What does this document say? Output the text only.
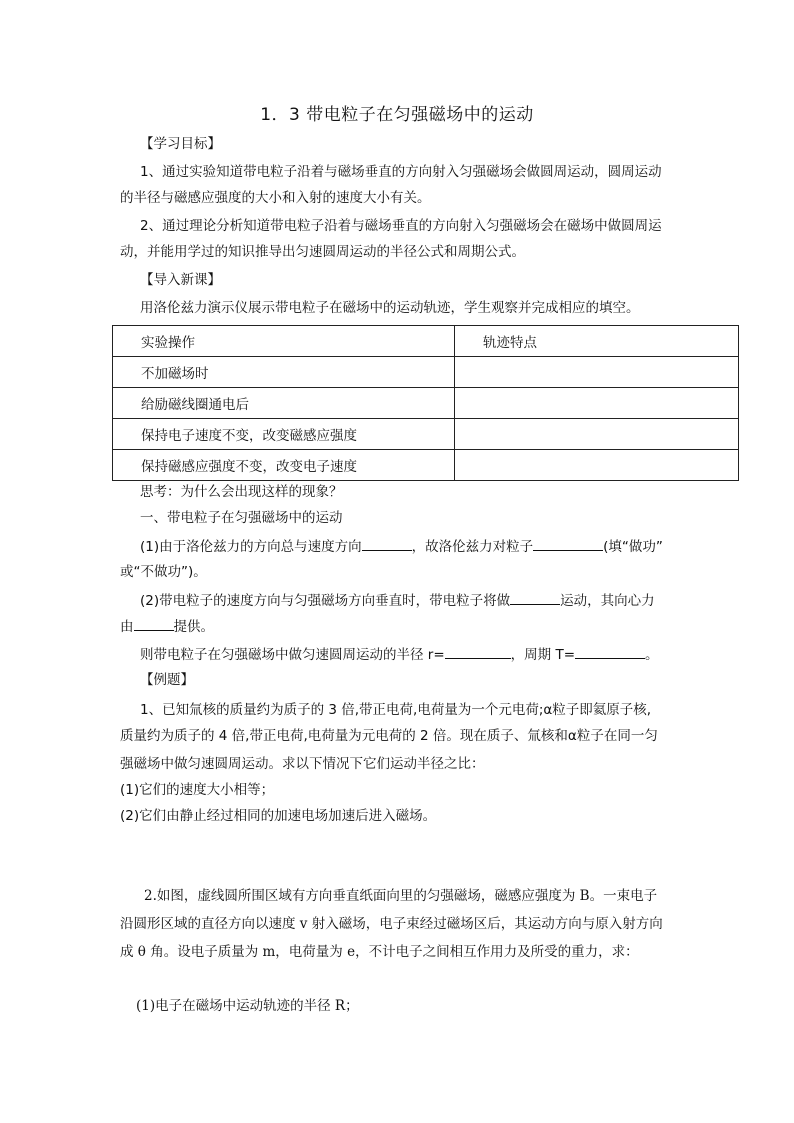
1．3 带电粒子在匀强磁场中的运动
【学习目标】
1、通过实验知道带电粒子沿着与磁场垂直的方向射入匀强磁场会做圆周运动，圆周运动
的半径与磁感应强度的大小和入射的速度大小有关。
2、通过理论分析知道带电粒子沿着与磁场垂直的方向射入匀强磁场会在磁场中做圆周运
动，并能用学过的知识推导出匀速圆周运动的半径公式和周期公式。
【导入新课】
用洛伦兹力演示仪展示带电粒子在磁场中的运动轨迹，学生观察并完成相应的填空。
实验操作	轨迹特点
不加磁场时	
给励磁线圈通电后	
保持电子速度不变，改变磁感应强度	
保持磁感应强度不变，改变电子速度	
思考：为什么会出现这样的现象？
一、带电粒子在匀强磁场中的运动
(1)由于洛伦兹力的方向总与速度方向	，故洛伦兹力对粒子	(填“做功”
或“不做功”)。
(2)带电粒子的速度方向与匀强磁场方向垂直时，带电粒子将做	运动，其向心力
由	提供。
则带电粒子在匀强磁场中做匀速圆周运动的半径 r=	，周期 T=	。
【例题】
1、已知氚核的质量约为质子的 3 倍,带正电荷,电荷量为一个元电荷;α粒子即氦原子核,
质量约为质子的 4 倍,带正电荷,电荷量为元电荷的 2 倍。现在质子、氚核和α粒子在同一匀
强磁场中做匀速圆周运动。求以下情况下它们运动半径之比：
(1)它们的速度大小相等；
(2)它们由静止经过相同的加速电场加速后进入磁场。
2.如图，虚线圆所围区域有方向垂直纸面向里的匀强磁场，磁感应强度为 B。一束电子
沿圆形区域的直径方向以速度 v 射入磁场，电子束经过磁场区后，其运动方向与原入射方向
成 θ 角。设电子质量为 m，电荷量为 e，不计电子之间相互作用力及所受的重力，求：
(1)电子在磁场中运动轨迹的半径 R；
